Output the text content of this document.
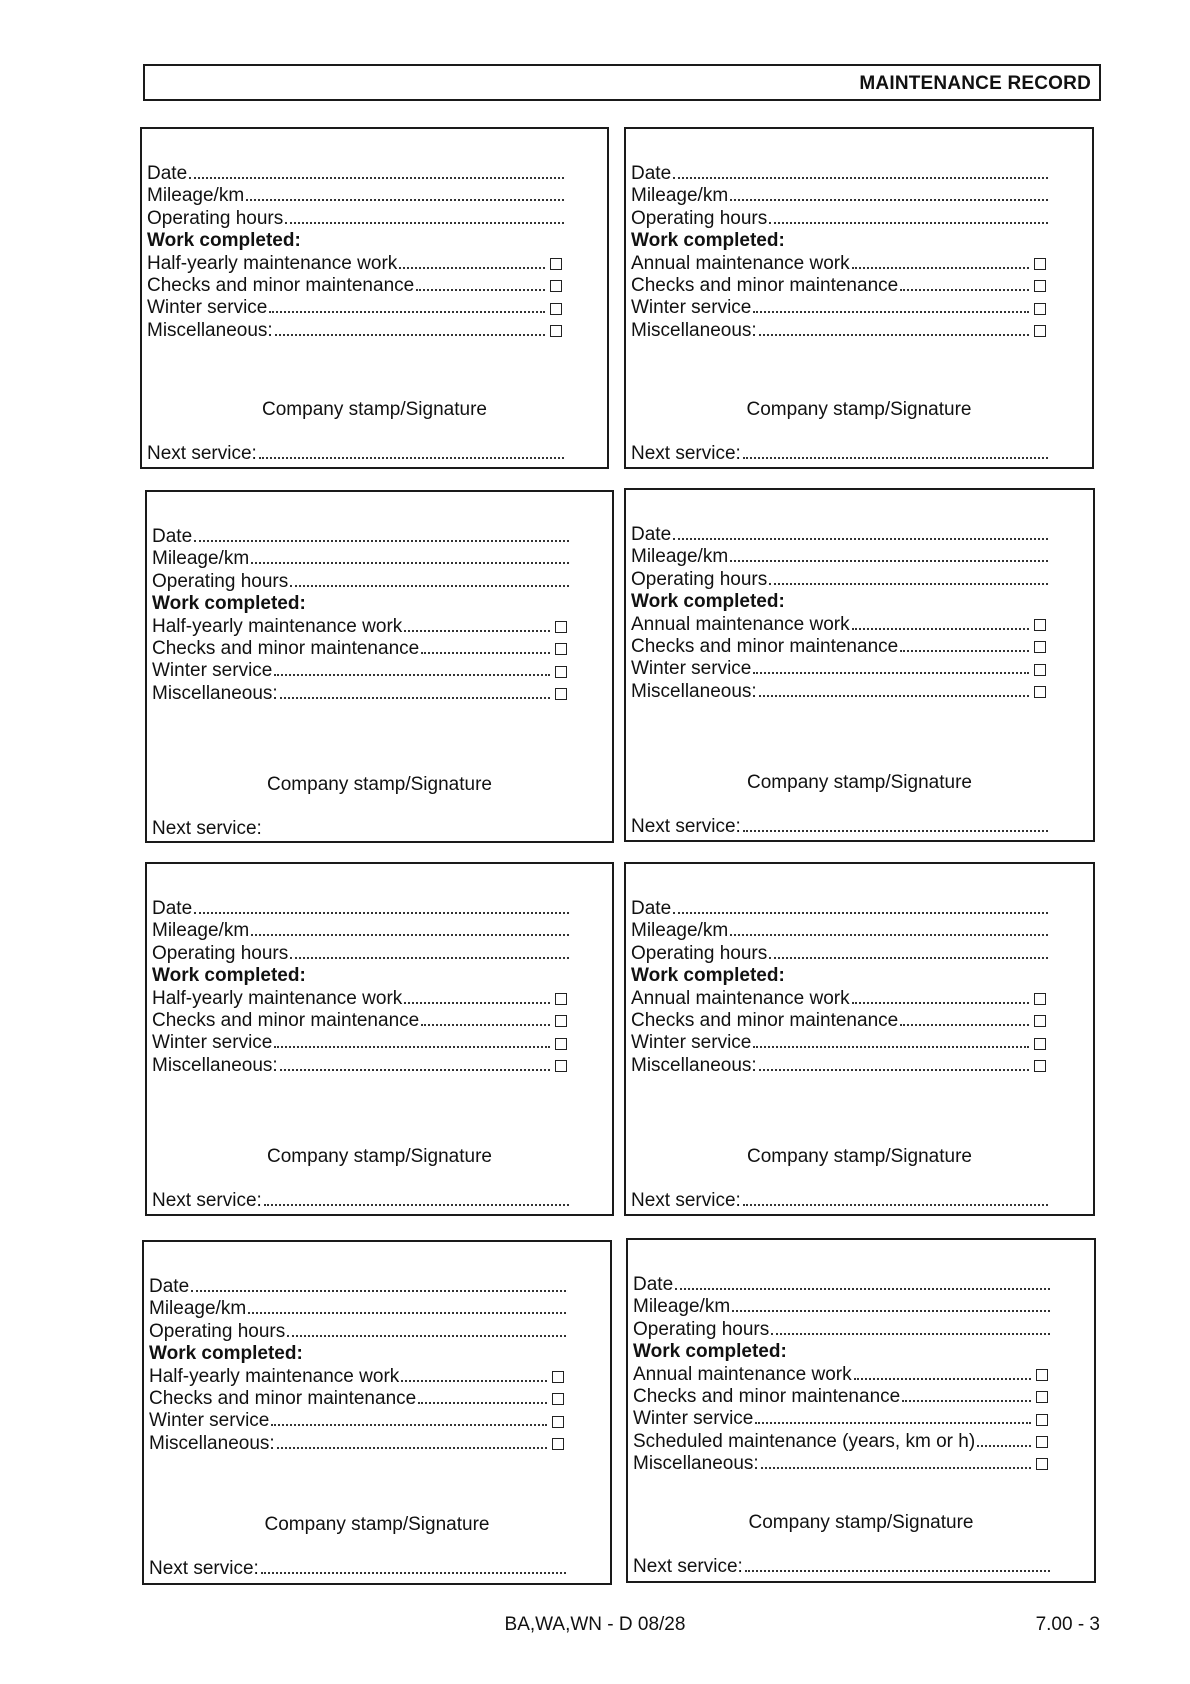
MAINTENANCE RECORD
Date
Mileage/km
Operating hours
Work completed:
Half-yearly maintenance work
Checks and minor maintenance
Winter service
Miscellaneous:
Company stamp/Signature
Next service:
Date
Mileage/km
Operating hours
Work completed:
Annual maintenance work
Checks and minor maintenance
Winter service
Miscellaneous:
Company stamp/Signature
Next service:
Date
Mileage/km
Operating hours
Work completed:
Half-yearly maintenance work
Checks and minor maintenance
Winter service
Miscellaneous:
Company stamp/Signature
Next service:
Date
Mileage/km
Operating hours
Work completed:
Annual maintenance work
Checks and minor maintenance
Winter service
Miscellaneous:
Company stamp/Signature
Next service:
Date
Mileage/km
Operating hours
Work completed:
Half-yearly maintenance work
Checks and minor maintenance
Winter service
Miscellaneous:
Company stamp/Signature
Next service:
Date
Mileage/km
Operating hours
Work completed:
Annual maintenance work
Checks and minor maintenance
Winter service
Miscellaneous:
Company stamp/Signature
Next service:
Date
Mileage/km
Operating hours
Work completed:
Half-yearly maintenance work
Checks and minor maintenance
Winter service
Miscellaneous:
Company stamp/Signature
Next service:
Date
Mileage/km
Operating hours
Work completed:
Annual maintenance work
Checks and minor maintenance
Winter service
Scheduled maintenance (years, km or h)
Miscellaneous:
Company stamp/Signature
Next service:
BA,WA,WN - D 08/28	7.00 - 3
